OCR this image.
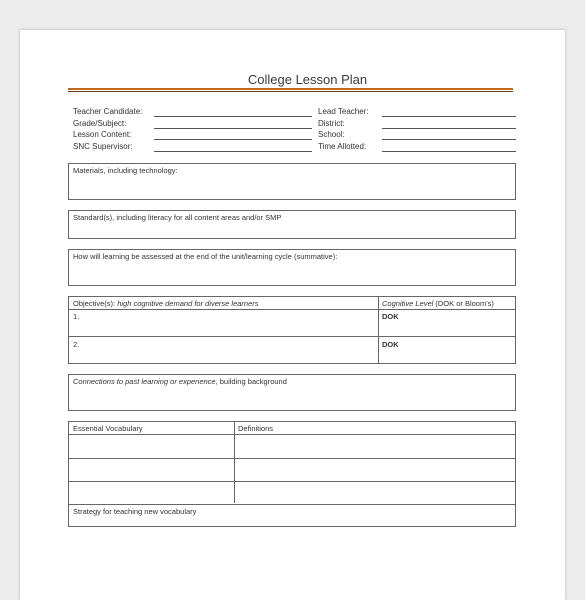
College Lesson Plan
Teacher Candidate:
Grade/Subject:
Lesson Content:
SNC Supervisor:
Lead Teacher:
District:
School:
Time Allotted:
Materials, including technology:
Standard(s), including literacy for all content areas and/or SMP
How will learning be assessed at the end of the unit/learning cycle (summative):
Objective(s): high cognitive demand for diverse learners	Cognitive Level (DOK or Bloom's)
1.	DOK
2.	DOK
Connections to past learning or experience, building background
Essential Vocabulary	Definitions
Strategy for teaching new vocabulary
